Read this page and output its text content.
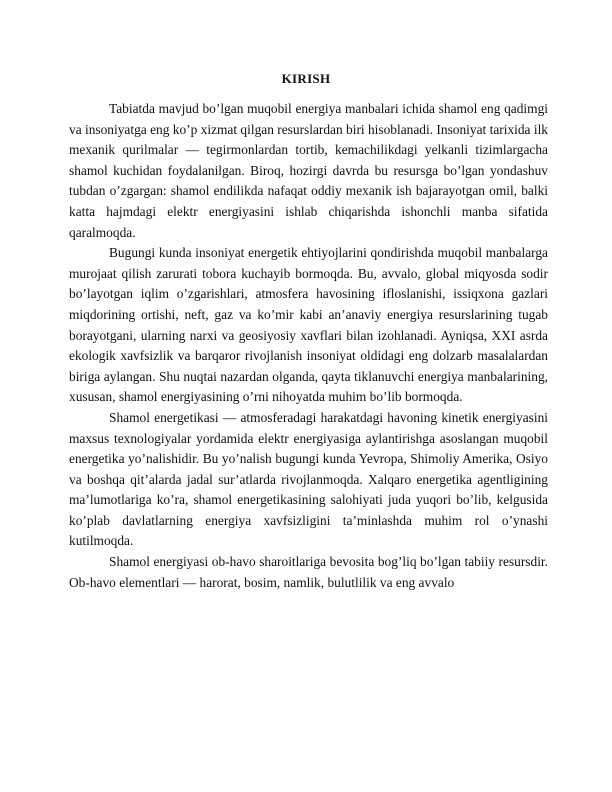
KIRISH

Tabiatda mavjud bo’lgan muqobil energiya manbalari ichida shamol eng qadimgi va insoniyatga eng ko’p xizmat qilgan resurslardan biri hisoblanadi. Insoniyat tarixida ilk mexanik qurilmalar — tegirmonlardan tortib, kemachilikdagi yelkanli tizimlargacha shamol kuchidan foydalanilgan. Biroq, hozirgi davrda bu resursga bo’lgan yondashuv tubdan o’zgargan: shamol endilikda nafaqat oddiy mexanik ish bajarayotgan omil, balki katta hajmdagi elektr energiyasini ishlab chiqarishda ishonchli manba sifatida qaralmoqda.

Bugungi kunda insoniyat energetik ehtiyojlarini qondirishda muqobil manbalarga murojaat qilish zarurati tobora kuchayib bormoqda. Bu, avvalo, global miqyosda sodir bo’layotgan iqlim o’zgarishlari, atmosfera havosining ifloslanishi, issiqxona gazlari miqdorining ortishi, neft, gaz va ko’mir kabi an’anaviy energiya resurslarining tugab borayotgani, ularning narxi va geosiyosiy xavflari bilan izohlanadi. Ayniqsa, XXI asrda ekologik xavfsizlik va barqaror rivojlanish insoniyat oldidagi eng dolzarb masalalardan biriga aylangan. Shu nuqtai nazardan olganda, qayta tiklanuvchi energiya manbalarining, xususan, shamol energiyasining o’rni nihoyatda muhim bo’lib bormoqda.

Shamol energetikasi — atmosferadagi harakatdagi havoning kinetik energiyasini maxsus texnologiyalar yordamida elektr energiyasiga aylantirishga asoslangan muqobil energetika yo’nalishidir. Bu yo’nalish bugungi kunda Yevropa, Shimoliy Amerika, Osiyo va boshqa qit’alarda jadal sur’atlarda rivojlanmoqda. Xalqaro energetika agentligining ma’lumotlariga ko’ra, shamol energetikasining salohiyati juda yuqori bo’lib, kelgusida ko’plab davlatlarning energiya xavfsizligini ta’minlashda muhim rol o’ynashi kutilmoqda.

Shamol energiyasi ob-havo sharoitlariga bevosita bog’liq bo’lgan tabiiy resursdir. Ob-havo elementlari — harorat, bosim, namlik, bulutlilik va eng avvalo
